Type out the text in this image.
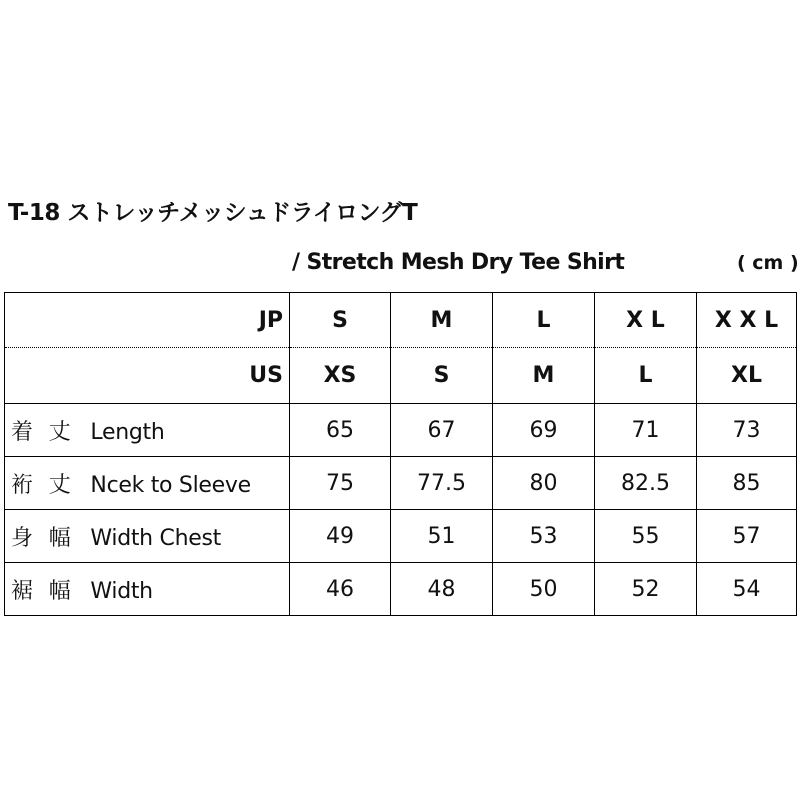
T-18 ストレッチメッシュドライロングT
/ Stretch Mesh Dry Tee Shirt	( cm )
JP	S	M	L	X L	X X L
US	XS	S	M	L	XL
着 丈 Length	65	67	69	71	73
裄 丈 Ncek to Sleeve	75	77.5	80	82.5	85
身 幅 Width Chest	49	51	53	55	57
裾 幅 Width	46	48	50	52	54
